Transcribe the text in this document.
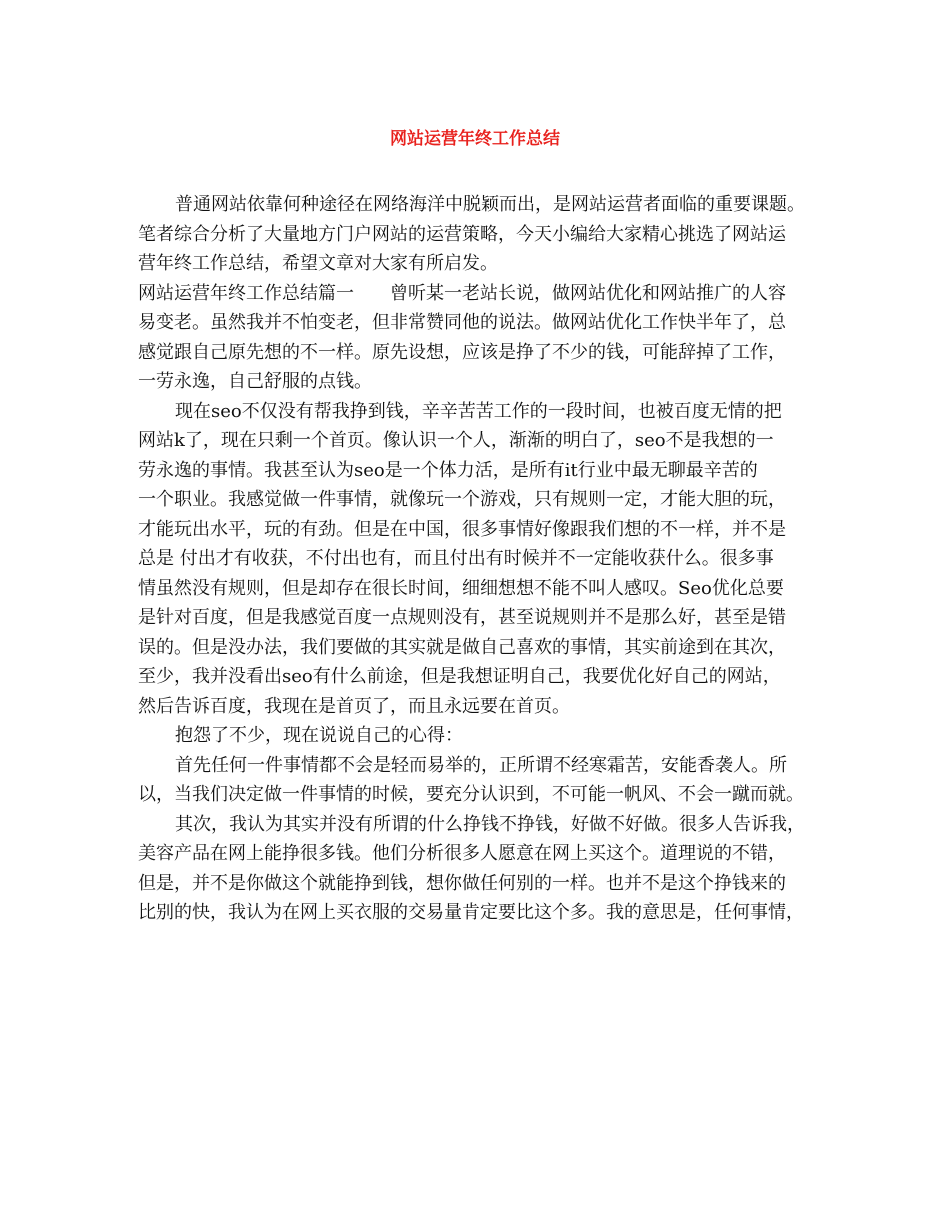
网站运营年终工作总结
普通网站依靠何种途径在网络海洋中脱颖而出，是网站运营者面临的重要课题。
笔者综合分析了大量地方门户网站的运营策略，今天小编给大家精心挑选了网站运
营年终工作总结，希望文章对大家有所启发。
网站运营年终工作总结篇一　　曾听某一老站长说，做网站优化和网站推广的人容
易变老。虽然我并不怕变老，但非常赞同他的说法。做网站优化工作快半年了，总
感觉跟自己原先想的不一样。原先设想，应该是挣了不少的钱，可能辞掉了工作，
一劳永逸，自己舒服的点钱。
现在seo不仅没有帮我挣到钱，辛辛苦苦工作的一段时间，也被百度无情的把
网站k了，现在只剩一个首页。像认识一个人，渐渐的明白了，seo不是我想的一
劳永逸的事情。我甚至认为seo是一个体力活，是所有it行业中最无聊最辛苦的
一个职业。我感觉做一件事情，就像玩一个游戏，只有规则一定，才能大胆的玩，
才能玩出水平，玩的有劲。但是在中国，很多事情好像跟我们想的不一样，并不是
总是 付出才有收获，不付出也有，而且付出有时候并不一定能收获什么。很多事
情虽然没有规则，但是却存在很长时间，细细想想不能不叫人感叹。Seo优化总要
是针对百度，但是我感觉百度一点规则没有，甚至说规则并不是那么好，甚至是错
误的。但是没办法，我们要做的其实就是做自己喜欢的事情，其实前途到在其次，
至少，我并没看出seo有什么前途，但是我想证明自己，我要优化好自己的网站，
然后告诉百度，我现在是首页了，而且永远要在首页。
抱怨了不少，现在说说自己的心得：
首先任何一件事情都不会是轻而易举的，正所谓不经寒霜苦，安能香袭人。所
以，当我们决定做一件事情的时候，要充分认识到，不可能一帆风、不会一蹴而就。
其次，我认为其实并没有所谓的什么挣钱不挣钱，好做不好做。很多人告诉我，
美容产品在网上能挣很多钱。他们分析很多人愿意在网上买这个。道理说的不错，
但是，并不是你做这个就能挣到钱，想你做任何别的一样。也并不是这个挣钱来的
比别的快，我认为在网上买衣服的交易量肯定要比这个多。我的意思是，任何事情，
